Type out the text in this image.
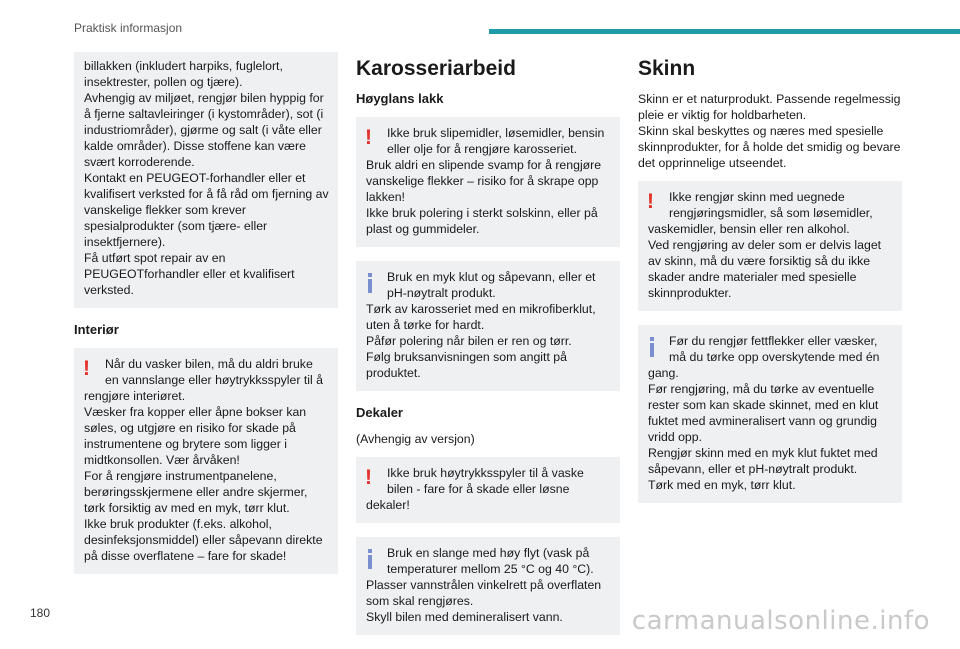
Praktisk informasjon
billakken (inkludert harpiks, fuglelort, insektrester, pollen og tjære).
Avhengig av miljøet, rengjør bilen hyppig for å fjerne saltavleiringer (i kystområder), sot (i industriområder), gjørme og salt (i våte eller kalde områder). Disse stoffene kan være svært korroderende.
Kontakt en PEUGEOT-forhandler eller et kvalifisert verksted for å få råd om fjerning av vanskelige flekker som krever spesialprodukter (som tjære- eller insektfjernere).
Få utført spot repair av en PEUGEOTforhandler eller et kvalifisert verksted.
Interiør
!	Når du vasker bilen, må du aldri bruke en vannslange eller høytrykksspyler til å
rengjøre interiøret.
Væsker fra kopper eller åpne bokser kan søles, og utgjøre en risiko for skade på instrumentene og brytere som ligger i midtkonsollen. Vær årvåken!
For å rengjøre instrumentpanelene, berøringsskjermene eller andre skjermer, tørk forsiktig av med en myk, tørr klut.
Ikke bruk produkter (f.eks. alkohol, desinfeksjonsmiddel) eller såpevann direkte på disse overflatene – fare for skade!
Karosseriarbeid
Høyglans lakk
!	Ikke bruk slipemidler, løsemidler, bensin eller olje for å rengjøre karosseriet.
Bruk aldri en slipende svamp for å rengjøre vanskelige flekker – risiko for å skrape opp lakken!
Ikke bruk polering i sterkt solskinn, eller på plast og gummideler.
Bruk en myk klut og såpevann, eller et pH-nøytralt produkt.
Tørk av karosseriet med en mikrofiberklut, uten å tørke for hardt.
Påfør polering når bilen er ren og tørr.
Følg bruksanvisningen som angitt på produktet.
Dekaler
(Avhengig av versjon)
!	Ikke bruk høytrykksspyler til å vaske bilen - fare for å skade eller løsne
dekaler!
Bruk en slange med høy flyt (vask på temperaturer mellom 25 °C og 40 °C).
Plasser vannstrålen vinkelrett på overflaten som skal rengjøres.
Skyll bilen med demineralisert vann.
Skinn
Skinn er et naturprodukt. Passende regelmessig pleie er viktig for holdbarheten.
Skinn skal beskyttes og næres med spesielle skinnprodukter, for å holde det smidig og bevare det opprinnelige utseendet.
!	Ikke rengjør skinn med uegnede rengjøringsmidler, så som løsemidler,
vaskemidler, bensin eller ren alkohol.
Ved rengjøring av deler som er delvis laget av skinn, må du være forsiktig så du ikke skader andre materialer med spesielle skinnprodukter.
Før du rengjør fettflekker eller væsker, må du tørke opp overskytende med én
gang.
Før rengjøring, må du tørke av eventuelle rester som kan skade skinnet, med en klut fuktet med avmineralisert vann og grundig vridd opp.
Rengjør skinn med en myk klut fuktet med såpevann, eller et pH-nøytralt produkt.
Tørk med en myk, tørr klut.
180	carmanualsonline.info
